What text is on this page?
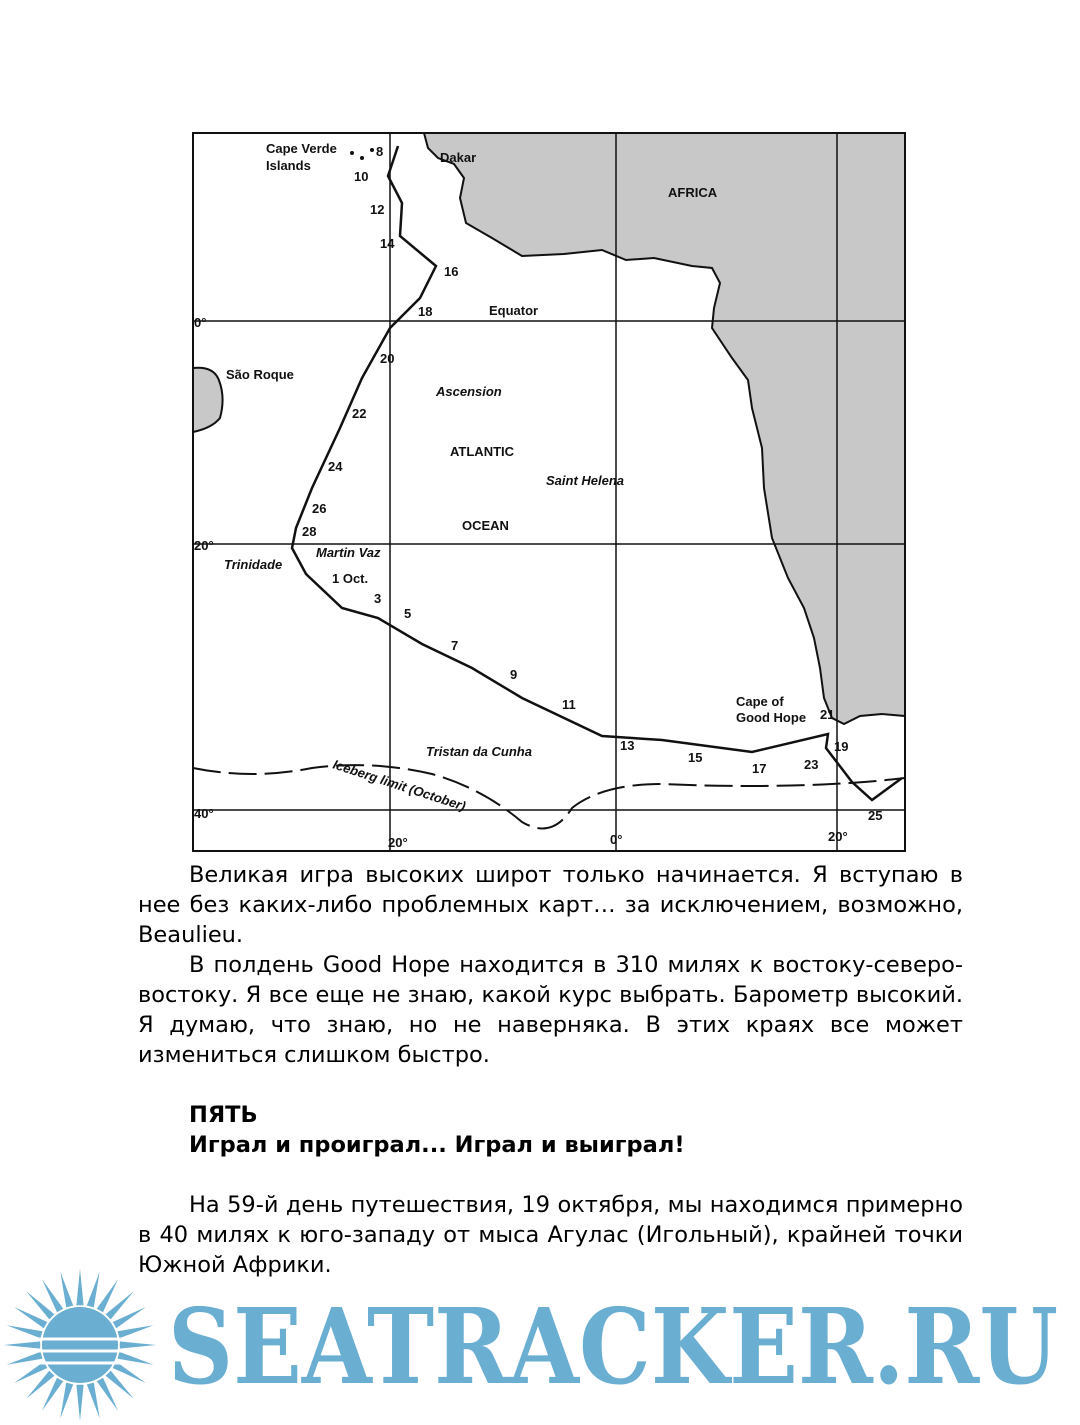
Cape Verde
Islands
Dakar
AFRICA
Equator
São Roque
Ascension
ATLANTIC
Saint Helena
OCEAN
Martin Vaz
Trinidade
Cape of
Good Hope
Tristan da Cunha
Iceberg limit (October)
0°
20°
40°
20°	0°	20°
8
10
12
14
16
18
20
22
24
26
28
1 Oct.
3
5
7
9
11
13
15
17
19
21
23
25

Великая игра высоких широт только начинается. Я вступаю в нее без каких-либо проблемных карт… за исключением, возможно, Beaulieu.

В полдень Good Hope находится в 310 милях к востоку-северо-востоку. Я все еще не знаю, какой курс выбрать. Барометр высокий. Я думаю, что знаю, но не наверняка. В этих краях все может измениться слишком быстро.

ПЯТЬ

Играл и проиграл... Играл и выиграл!

На 59-й день путешествия, 19 октября, мы находимся примерно в 40 милях к юго-западу от мыса Агулас (Игольный), крайней точки Южной Африки.

SEATRACKER.RU
